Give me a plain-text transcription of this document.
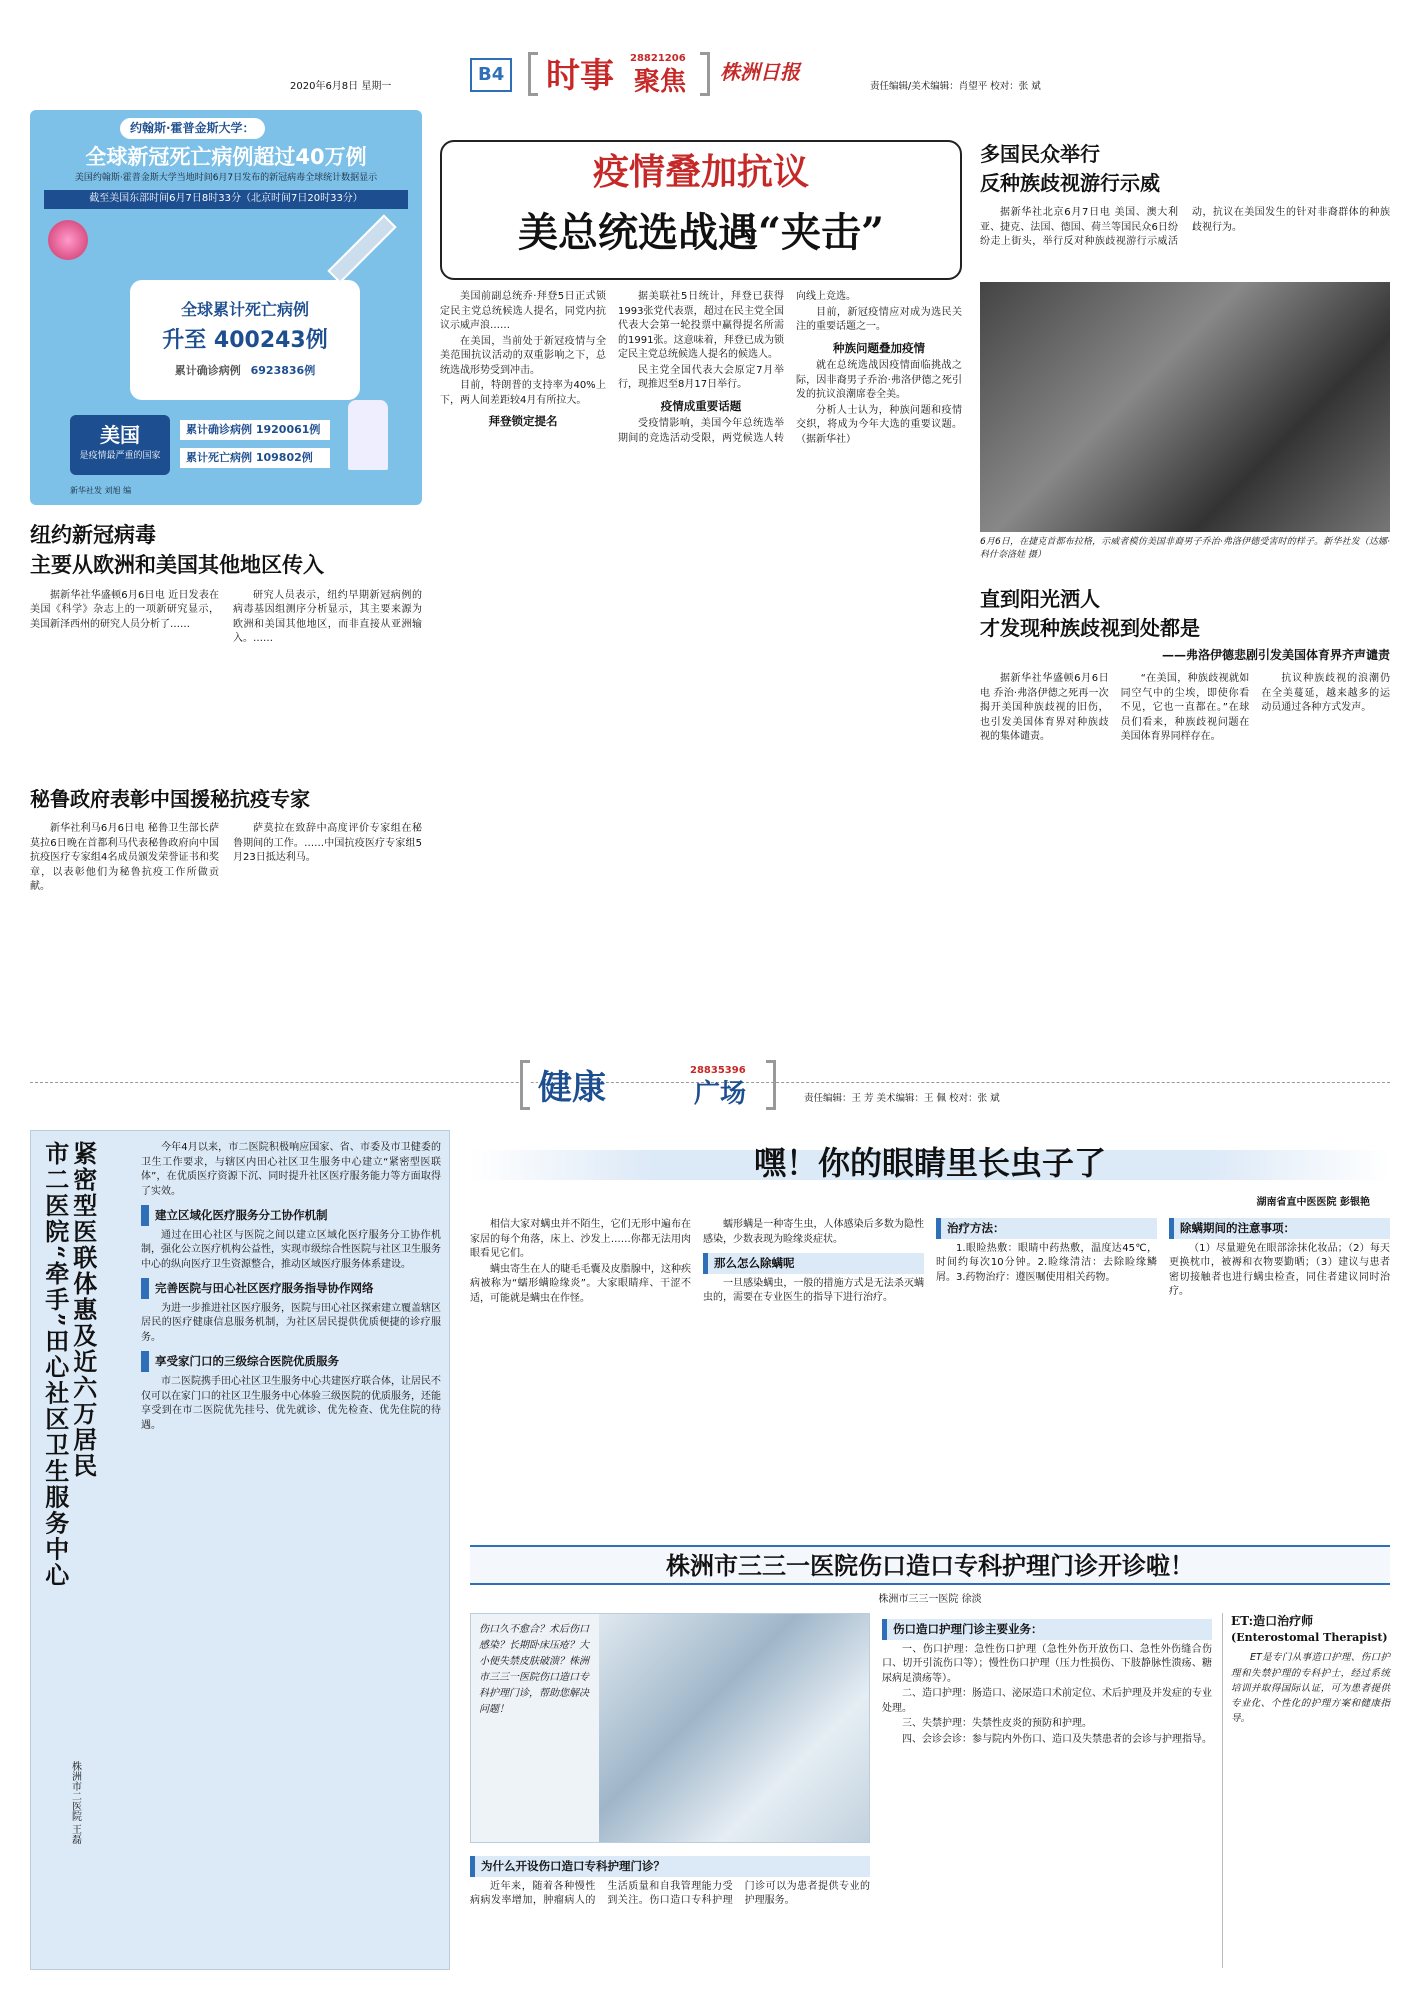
2020年6月8日 星期一
B4 时事 28821206
聚焦 株洲日报
责任编辑/美术编辑：肖望平 校对：张 斌
约翰斯·霍普金斯大学：
全球新冠死亡病例超过40万例
美国约翰斯·霍普金斯大学当地时间6月7日发布的新冠病毒全球统计数据显示
截至美国东部时间6月7日8时33分（北京时间7日20时33分）
全球累计死亡病例
升至 400243例
累计确诊病例 6923836例
美国
是疫情最严重的国家
累计确诊病例 1920061例
累计死亡病例 109802例
新华社发 刘旭 编
纽约新冠病毒
主要从欧洲和美国其他地区传入

据新华社华盛顿6月6日电 近日发表在美国《科学》杂志上的一项新研究显示，美国新泽西州的研究人员分析了……

研究人员表示，纽约早期新冠病例的病毒基因组测序分析显示，其主要来源为欧洲和美国其他地区，而非直接从亚洲输入。……

秘鲁政府表彰中国援秘抗疫专家

新华社利马6月6日电 秘鲁卫生部长萨莫拉6日晚在首都利马代表秘鲁政府向中国抗疫医疗专家组4名成员颁发荣誉证书和奖章，以表彰他们为秘鲁抗疫工作所做贡献。

萨莫拉在致辞中高度评价专家组在秘鲁期间的工作。……中国抗疫医疗专家组5月23日抵达利马。

疫情叠加抗议
美总统选战遇“夹击”

美国前副总统乔·拜登5日正式锁定民主党总统候选人提名，同党内抗议示威声浪……

在美国，当前处于新冠疫情与全美范围抗议活动的双重影响之下，总统选战形势受到冲击。

目前，特朗普的支持率为40%上下，两人间差距较4月有所拉大。

拜登锁定提名

据美联社5日统计，拜登已获得1993张党代表票，超过在民主党全国代表大会第一轮投票中赢得提名所需的1991张。这意味着，拜登已成为锁定民主党总统候选人提名的候选人。

民主党全国代表大会原定7月举行，现推迟至8月17日举行。

疫情成重要话题

受疫情影响，美国今年总统选举期间的竞选活动受限，两党候选人转向线上竞选。

目前，新冠疫情应对成为选民关注的重要话题之一。

种族问题叠加疫情

就在总统选战因疫情面临挑战之际，因非裔男子乔治·弗洛伊德之死引发的抗议浪潮席卷全美。

分析人士认为，种族问题和疫情交织，将成为今年大选的重要议题。（据新华社）

多国民众举行
反种族歧视游行示威

据新华社北京6月7日电 美国、澳大利亚、捷克、法国、德国、荷兰等国民众6日纷纷走上街头，举行反对种族歧视游行示威活动，抗议在美国发生的针对非裔群体的种族歧视行为。

6月6日，在捷克首都布拉格，示威者模仿美国非裔男子乔治·弗洛伊德受害时的样子。新华社发（达娜·科什奈洛娃 摄）
直到阳光洒人
才发现种族歧视到处都是
——弗洛伊德悲剧引发美国体育界齐声谴责

据新华社华盛顿6月6日电 乔治·弗洛伊德之死再一次揭开美国种族歧视的旧伤，也引发美国体育界对种族歧视的集体谴责。

“在美国，种族歧视就如同空气中的尘埃，即使你看不见，它也一直都在。”在球员们看来，种族歧视问题在美国体育界同样存在。

抗议种族歧视的浪潮仍在全美蔓延，越来越多的运动员通过各种方式发声。

健康	28835396
广场	责任编辑：王 芳 美术编辑：王 佩 校对：张 斌
紧密型医联体惠及近六万居民
市二医院“牵手”田心社区卫生服务中心
株洲市二医院 王磊

今年4月以来，市二医院积极响应国家、省、市委及市卫健委的卫生工作要求，与辖区内田心社区卫生服务中心建立“紧密型医联体”，在优质医疗资源下沉、同时提升社区医疗服务能力等方面取得了实效。

建立区域化医疗服务分工协作机制

通过在田心社区与医院之间以建立区域化医疗服务分工协作机制，强化公立医疗机构公益性，实现市级综合性医院与社区卫生服务中心的纵向医疗卫生资源整合，推动区域医疗服务体系建设。

完善医院与田心社区医疗服务指导协作网络

为进一步推进社区医疗服务，医院与田心社区探索建立覆盖辖区居民的医疗健康信息服务机制，为社区居民提供优质便捷的诊疗服务。

享受家门口的三级综合医院优质服务

市二医院携手田心社区卫生服务中心共建医疗联合体，让居民不仅可以在家门口的社区卫生服务中心体验三级医院的优质服务，还能享受到在市二医院优先挂号、优先就诊、优先检查、优先住院的待遇。

嘿！你的眼睛里长虫子了
湖南省直中医医院 彭银艳

相信大家对螨虫并不陌生，它们无形中遍布在家居的每个角落，床上、沙发上……你都无法用肉眼看见它们。

螨虫寄生在人的睫毛毛囊及皮脂腺中，这种疾病被称为“蠕形螨睑缘炎”。大家眼睛痒、干涩不适，可能就是螨虫在作怪。

蠕形螨是一种寄生虫，人体感染后多数为隐性感染，少数表现为睑缘炎症状。

那么怎么除螨呢

一旦感染螨虫，一般的措施方式是无法杀灭螨虫的，需要在专业医生的指导下进行治疗。

治疗方法：

1.眼睑热敷：眼睛中药热敷，温度达45℃，时间约每次10分钟。2.睑缘清洁：去除睑缘鳞屑。3.药物治疗：遵医嘱使用相关药物。

除螨期间的注意事项：

（1）尽量避免在眼部涂抹化妆品；（2）每天更换枕巾，被褥和衣物要勤晒；（3）建议与患者密切接触者也进行螨虫检查，同住者建议同时治疗。

株洲市三三一医院伤口造口专科护理门诊开诊啦！
株洲市三三一医院 徐淡
伤口久不愈合？术后伤口感染？长期卧床压疮？大小便失禁皮肤破溃？株洲市三三一医院伤口造口专科护理门诊，帮助您解决问题！
为什么开设伤口造口专科护理门诊？

近年来，随着各种慢性病病发率增加，肿瘤病人的生活质量和自我管理能力受到关注。伤口造口专科护理门诊可以为患者提供专业的护理服务。

伤口造口护理门诊主要业务：

一、伤口护理：急性伤口护理（急性外伤开放伤口、急性外伤缝合伤口、切开引流伤口等）；慢性伤口护理（压力性损伤、下肢静脉性溃疡、糖尿病足溃疡等）。

二、造口护理：肠造口、泌尿造口术前定位、术后护理及并发症的专业处理。

三、失禁护理：失禁性皮炎的预防和护理。

四、会诊会诊：参与院内外伤口、造口及失禁患者的会诊与护理指导。

ET:造口治疗师
(Enterostomal Therapist)

ET是专门从事造口护理、伤口护理和失禁护理的专科护士，经过系统培训并取得国际认证，可为患者提供专业化、个性化的护理方案和健康指导。
